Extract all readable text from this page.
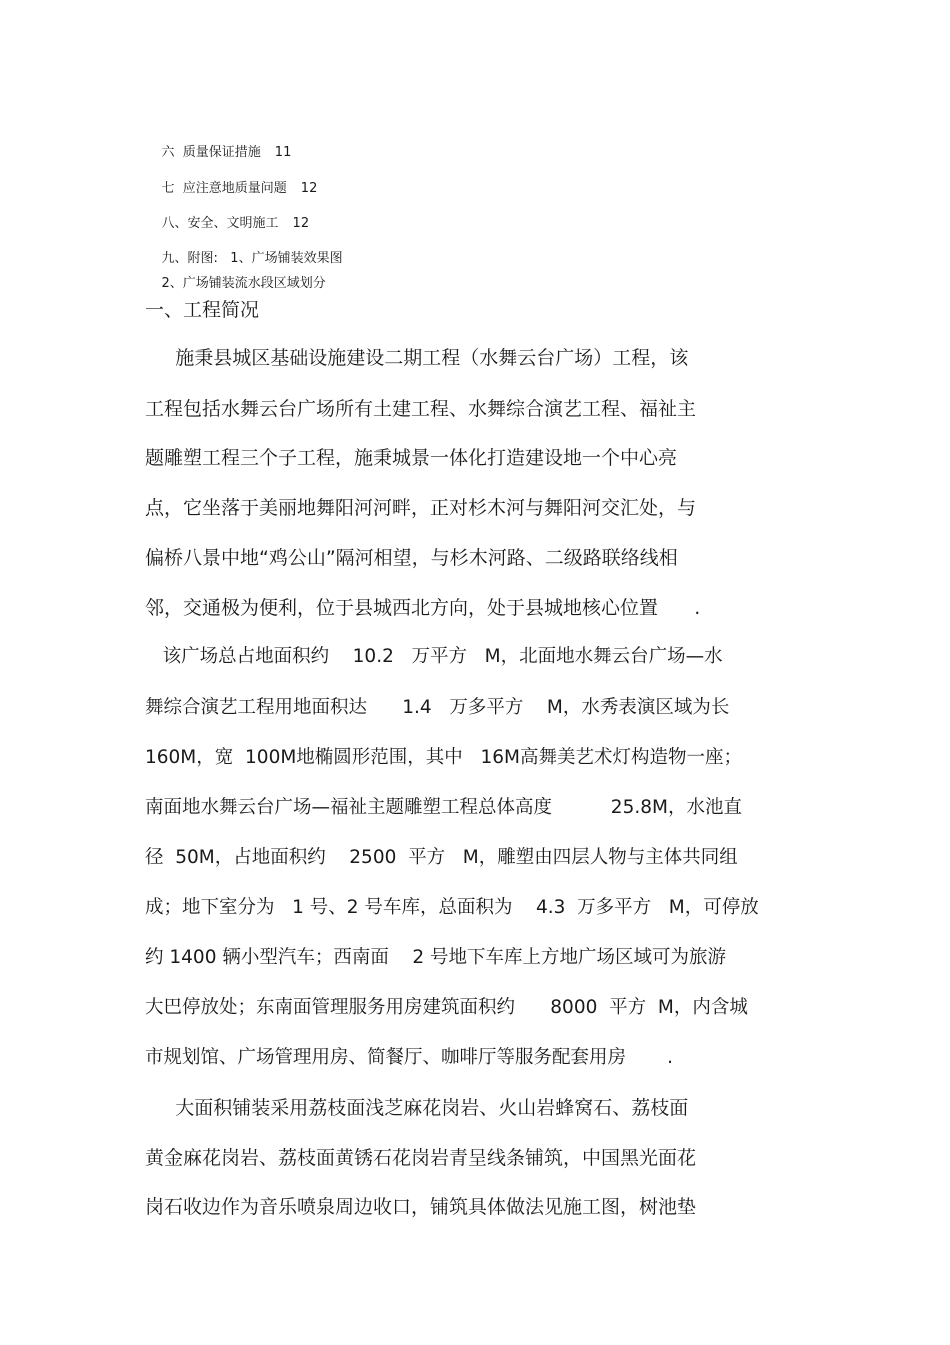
六  质量保证措施 11

七  应注意地质量问题 12

八、安全、文明施工 12

九、附图:   1、广场铺装效果图

2、广场铺装流水段区域划分

一、工程简况
施秉县城区基础设施建设二期工程（水舞云台广场）工程，该
工程包括水舞云台广场所有土建工程、水舞综合演艺工程、福祉主
题雕塑工程三个子工程，施秉城景一体化打造建设地一个中心亮
点，它坐落于美丽地舞阳河河畔，正对杉木河与舞阳河交汇处，与
偏桥八景中地“鸡公山”隔河相望，与杉木河路、二级路联络线相
邻，交通极为便利，位于县城西北方向，处于县城地核心位置      .
该广场总占地面积约    10.2   万平方   M，北面地水舞云台广场—水
舞综合演艺工程用地面积达      1.4   万多平方    M，水秀表演区域为长
160M，宽  100M地椭圆形范围，其中   16M高舞美艺术灯构造物一座；
南面地水舞云台广场—福祉主题雕塑工程总体高度          25.8M，水池直
径  50M，占地面积约    2500  平方   M，雕塑由四层人物与主体共同组
成；地下室分为   1 号、2 号车库，总面积为    4.3  万多平方   M，可停放
约 1400 辆小型汽车；西南面    2 号地下车库上方地广场区域可为旅游
大巴停放处；东南面管理服务用房建筑面积约      8000  平方  M，内含城
市规划馆、广场管理用房、简餐厅、咖啡厅等服务配套用房       .
大面积铺装采用荔枝面浅芝麻花岗岩、火山岩蜂窝石、荔枝面
黄金麻花岗岩、荔枝面黄锈石花岗岩青呈线条铺筑，中国黑光面花
岗石收边作为音乐喷泉周边收口，铺筑具体做法见施工图，树池垫
